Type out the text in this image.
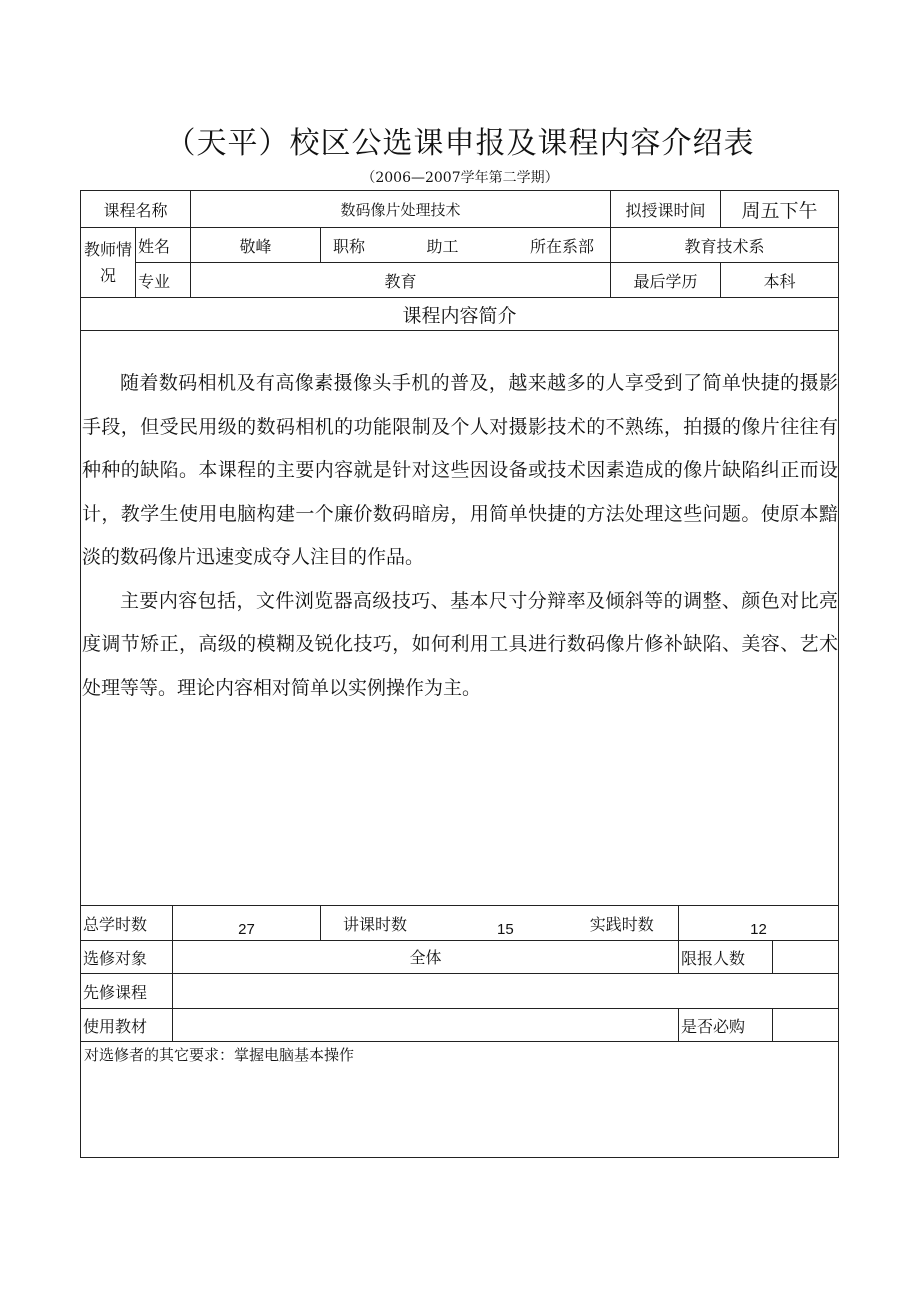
（天平）校区公选课申报及课程内容介绍表
（2006—2007学年第二学期）
课程名称	数码像片处理技术	拟授课时间	周五下午
教师情况
姓名	敬峰	职称	助工	所在系部	教育技术系
专业	教育	最后学历	本科
课程内容简介

随着数码相机及有高像素摄像头手机的普及，越来越多的人享受到了简单快捷的摄影手段，但受民用级的数码相机的功能限制及个人对摄影技术的不熟练，拍摄的像片往往有种种的缺陷。本课程的主要内容就是针对这些因设备或技术因素造成的像片缺陷纠正而设计，教学生使用电脑构建一个廉价数码暗房，用简单快捷的方法处理这些问题。使原本黯淡的数码像片迅速变成夺人注目的作品。

主要内容包括，文件浏览器高级技巧、基本尺寸分辩率及倾斜等的调整、颜色对比亮度调节矫正，高级的模糊及锐化技巧，如何利用工具进行数码像片修补缺陷、美容、艺术处理等等。理论内容相对简单以实例操作为主。

总学时数	27	讲课时数	15	实践时数	12
选修对象	全体	限报人数
先修课程
使用教材	是否必购
对选修者的其它要求：掌握电脑基本操作
